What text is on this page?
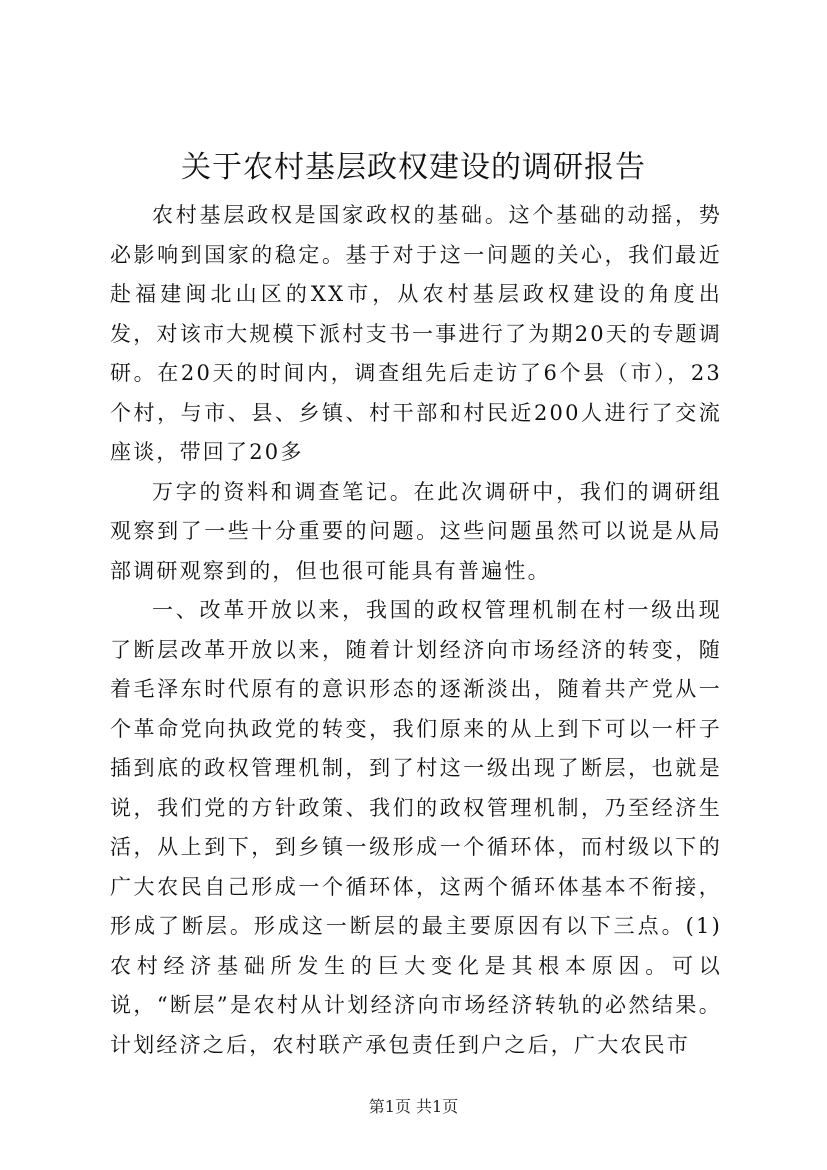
关于农村基层政权建设的调研报告

农村基层政权是国家政权的基础。这个基础的动摇，势必影响到国家的稳定。基于对于这一问题的关心，我们最近赴福建闽北山区的XX市，从农村基层政权建设的角度出发，对该市大规模下派村支书一事进行了为期20天的专题调研。在20天的时间内，调查组先后走访了6个县（市），23个村，与市、县、乡镇、村干部和村民近200人进行了交流座谈，带回了20多

万字的资料和调查笔记。在此次调研中，我们的调研组观察到了一些十分重要的问题。这些问题虽然可以说是从局部调研观察到的，但也很可能具有普遍性。

一、改革开放以来，我国的政权管理机制在村一级出现了断层改革开放以来，随着计划经济向市场经济的转变，随着毛泽东时代原有的意识形态的逐渐淡出，随着共产党从一个革命党向执政党的转变，我们原来的从上到下可以一杆子插到底的政权管理机制，到了村这一级出现了断层，也就是说，我们党的方针政策、我们的政权管理机制，乃至经济生活，从上到下，到乡镇一级形成一个循环体，而村级以下的广大农民自己形成一个循环体，这两个循环体基本不衔接，形成了断层。形成这一断层的最主要原因有以下三点。(1)农村经济基础所发生的巨大变化是其根本原因。可以说，“断层”是农村从计划经济向市场经济转轨的必然结果。计划经济之后，农村联产承包责任到户之后，广大农民市

第1页 共1页
